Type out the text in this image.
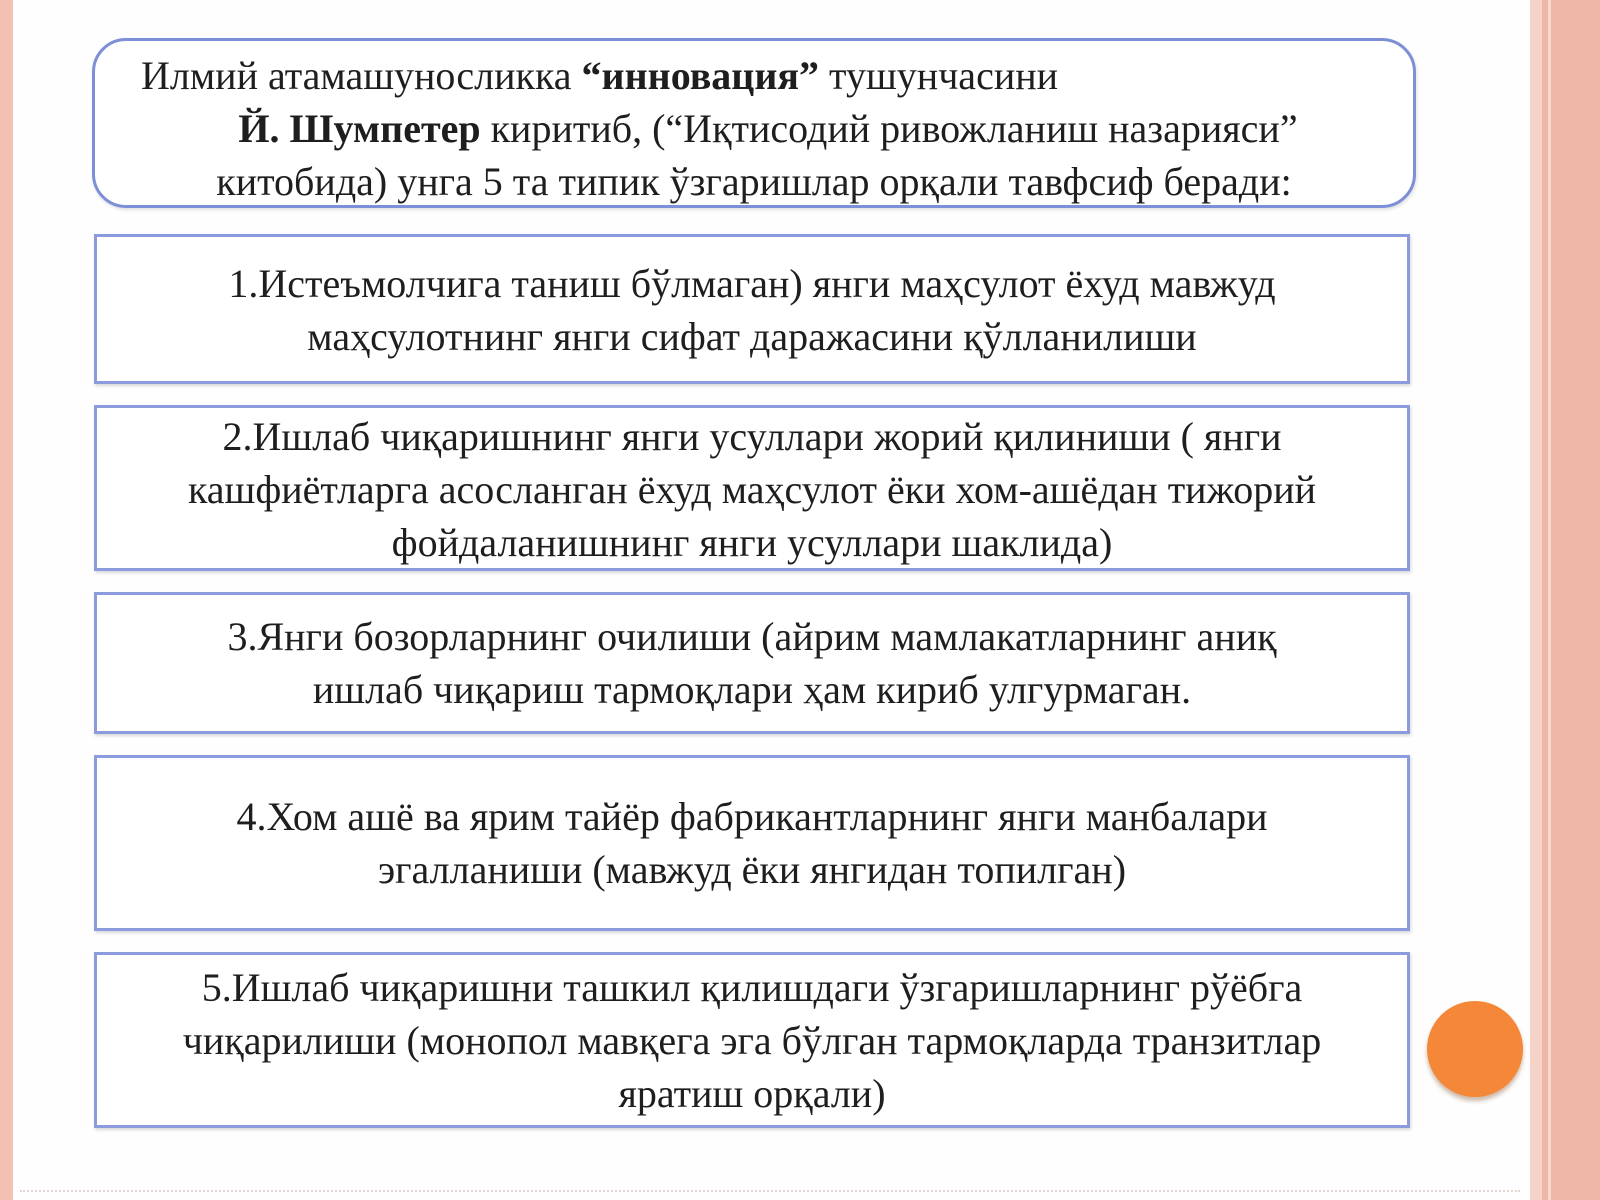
Илмий атамашуносликка “инновация” тушунчасини
Й. Шумпетер киритиб, (“Иқтисодий ривожланиш назарияси”
китобида) унга 5 та типик ўзгаришлар орқали тавфсиф беради:
1.Истеъмолчига таниш бўлмаган) янги маҳсулот ёхуд мавжуд
маҳсулотнинг янги сифат даражасини қўлланилиши
2.Ишлаб чиқаришнинг янги усуллари жорий қилиниши ( янги
кашфиётларга асосланган ёхуд маҳсулот ёки хом-ашёдан тижорий
фойдаланишнинг янги усуллари шаклида)
3.Янги бозорларнинг очилиши (айрим мамлакатларнинг аниқ
ишлаб чиқариш тармоқлари ҳам кириб улгурмаган.
4.Хом ашё ва ярим тайёр фабрикантларнинг янги манбалари
эгалланиши (мавжуд ёки янгидан топилган)
5.Ишлаб чиқаришни ташкил қилишдаги ўзгаришларнинг рўёбга
чиқарилиши (монопол мавқега эга бўлган тармоқларда транзитлар
яратиш орқали)
